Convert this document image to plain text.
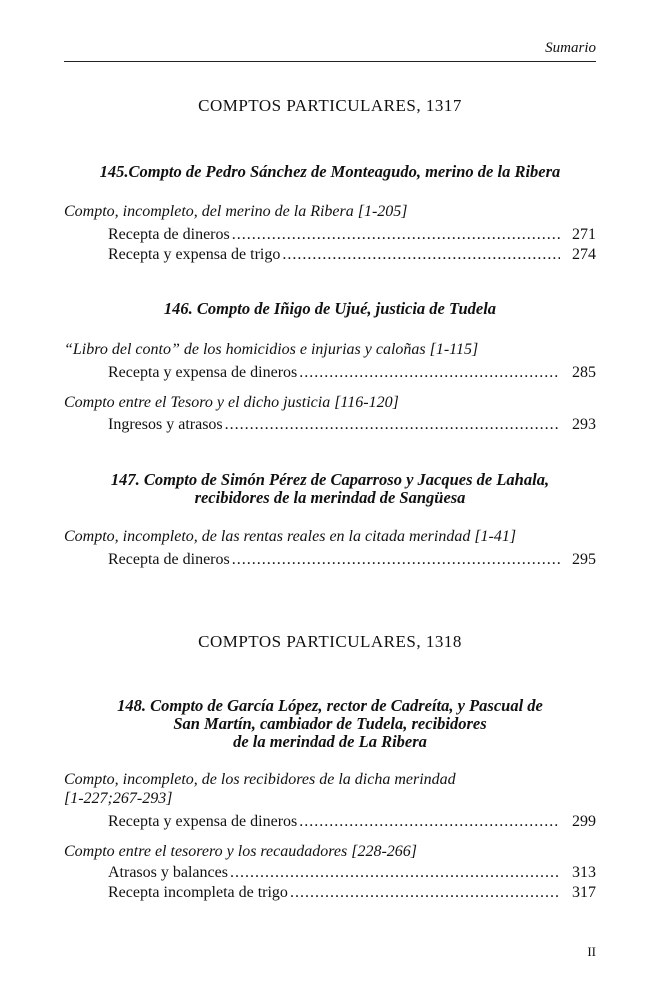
Sumario
COMPTOS PARTICULARES, 1317
145.Compto de Pedro Sánchez de Monteagudo, merino de la Ribera
Compto, incompleto, del merino de la Ribera [1-205]
Recepta de dineros .....	271
Recepta y expensa de trigo .....	274
146. Compto de Iñigo de Ujué, justicia de Tudela
“Libro del conto” de los homicidios e injurias y caloñas [1-115]
Recepta y expensa de dineros .....	285
Compto entre el Tesoro y el dicho justicia [116-120]
Ingresos y atrasos .....	293
147. Compto de Simón Pérez de Caparroso y Jacques de Lahala,
recibidores de la merindad de Sangüesa
Compto, incompleto, de las rentas reales en la citada merindad [1-41]
Recepta de dineros .....	295
COMPTOS PARTICULARES, 1318
148. Compto de García López, rector de Cadreíta, y Pascual de
San Martín, cambiador de Tudela, recibidores
de la merindad de La Ribera
Compto, incompleto, de los recibidores de la dicha merindad
[1-227;267-293]
Recepta y expensa de dineros .....	299
Compto entre el tesorero y los recaudadores [228-266]
Atrasos y balances .....	313
Recepta incompleta de trigo .....	317
II
